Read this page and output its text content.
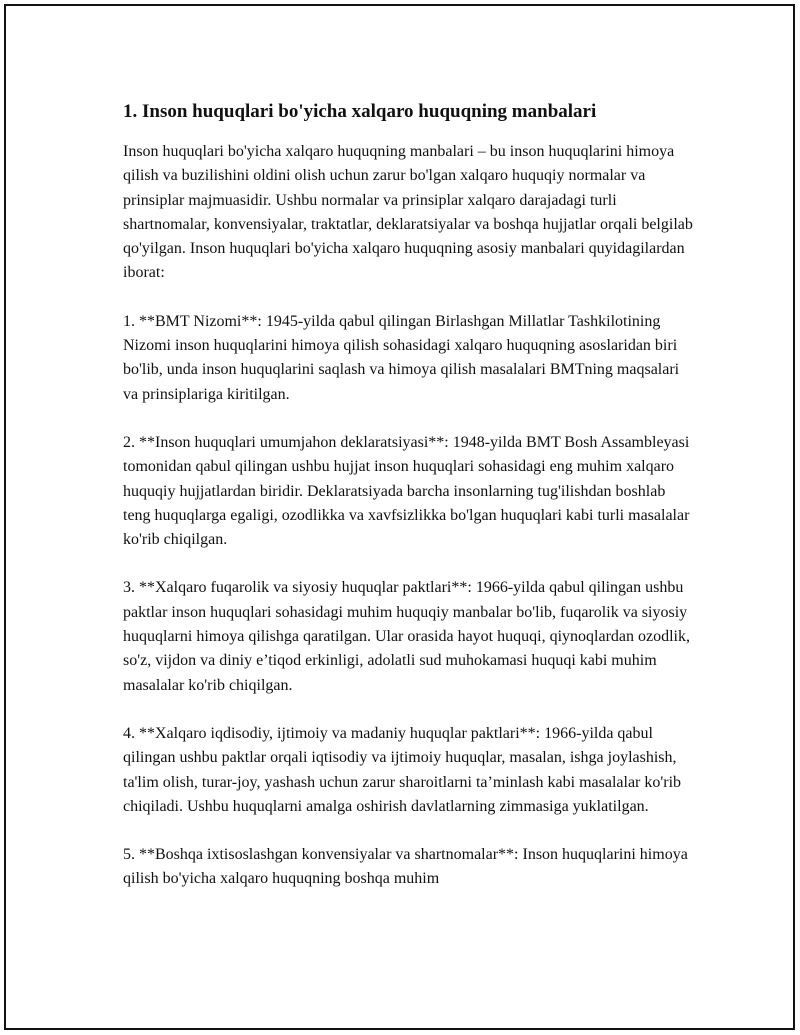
1. Inson huquqlari bo'yicha xalqaro huquqning manbalari

Inson huquqlari bo'yicha xalqaro huquqning manbalari – bu inson huquqlarini himoya qilish va buzilishini oldini olish uchun zarur bo'lgan xalqaro huquqiy normalar va prinsiplar majmuasidir. Ushbu normalar va prinsiplar xalqaro darajadagi turli shartnomalar, konvensiyalar, traktatlar, deklaratsiyalar va boshqa hujjatlar orqali belgilab qo'yilgan. Inson huquqlari bo'yicha xalqaro huquqning asosiy manbalari quyidagilardan iborat:

1. **BMT Nizomi**: 1945-yilda qabul qilingan Birlashgan Millatlar Tashkilotining Nizomi inson huquqlarini himoya qilish sohasidagi xalqaro huquqning asoslaridan biri bo'lib, unda inson huquqlarini saqlash va himoya qilish masalalari BMTning maqsalari va prinsiplariga kiritilgan.

2. **Inson huquqlari umumjahon deklaratsiyasi**: 1948-yilda BMT Bosh Assambleyasi tomonidan qabul qilingan ushbu hujjat inson huquqlari sohasidagi eng muhim xalqaro huquqiy hujjatlardan biridir. Deklaratsiyada barcha insonlarning tug'ilishdan boshlab teng huquqlarga egaligi, ozodlikka va xavfsizlikka bo'lgan huquqlari kabi turli masalalar ko'rib chiqilgan.

3. **Xalqaro fuqarolik va siyosiy huquqlar paktlari**: 1966-yilda qabul qilingan ushbu paktlar inson huquqlari sohasidagi muhim huquqiy manbalar bo'lib, fuqarolik va siyosiy huquqlarni himoya qilishga qaratilgan. Ular orasida hayot huquqi, qiynoqlardan ozodlik, so'z, vijdon va diniy e’tiqod erkinligi, adolatli sud muhokamasi huquqi kabi muhim masalalar ko'rib chiqilgan.

4. **Xalqaro iqdisodiy, ijtimoiy va madaniy huquqlar paktlari**: 1966-yilda qabul qilingan ushbu paktlar orqali iqtisodiy va ijtimoiy huquqlar, masalan, ishga joylashish, ta'lim olish, turar-joy, yashash uchun zarur sharoitlarni ta’minlash kabi masalalar ko'rib chiqiladi. Ushbu huquqlarni amalga oshirish davlatlarning zimmasiga yuklatilgan.

5. **Boshqa ixtisoslashgan konvensiyalar va shartnomalar**: Inson huquqlarini himoya qilish bo'yicha xalqaro huquqning boshqa muhim
